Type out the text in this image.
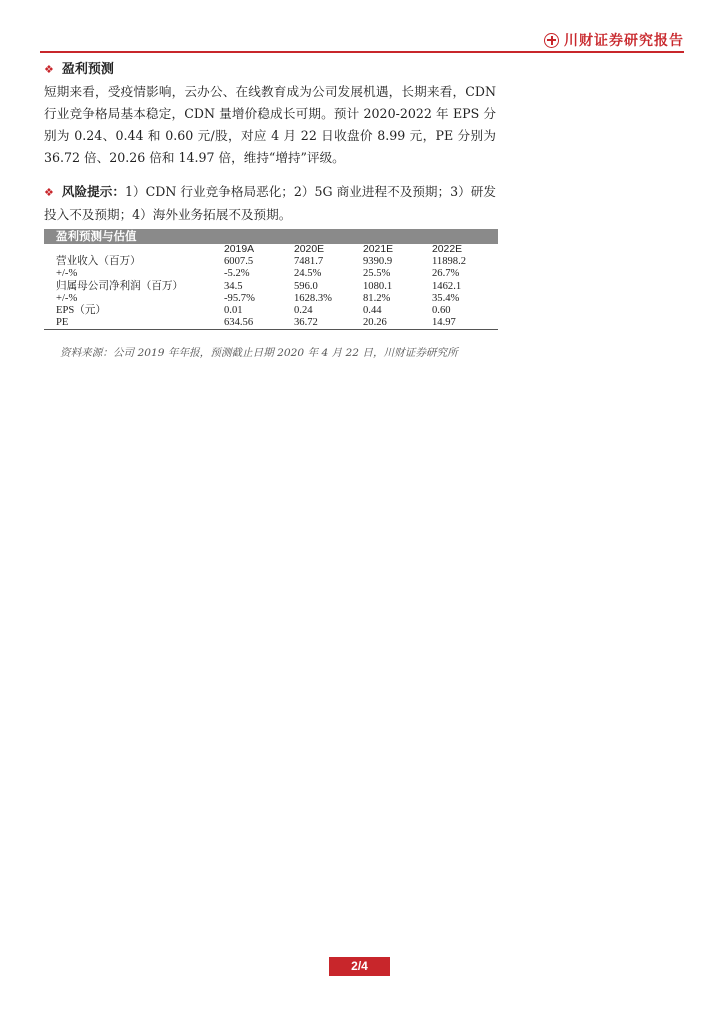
川财证券研究报告
❖ 盈利预测

短期来看，受疫情影响，云办公、在线教育成为公司发展机遇，长期来看，CDN 行业竞争格局基本稳定，CDN 量增价稳成长可期。预计 2020-2022 年 EPS 分别为 0.24、0.44 和 0.60 元/股，对应 4 月 22 日收盘价 8.99 元，PE 分别为 36.72 倍、20.26 倍和 14.97 倍，维持“增持”评级。

❖ 风险提示：1）CDN 行业竞争格局恶化；2）5G 商业进程不及预期；3）研发投入不及预期；4）海外业务拓展不及预期。

盈利预测与估值
	2019A	2020E	2021E	2022E
营业收入（百万）	6007.5	7481.7	9390.9	11898.2
+/-%	-5.2%	24.5%	25.5%	26.7%
归属母公司净利润（百万）	34.5	596.0	1080.1	1462.1
+/-%	-95.7%	1628.3%	81.2%	35.4%
EPS（元）	0.01	0.24	0.44	0.60
PE	634.56	36.72	20.26	14.97
资料来源：公司 2019 年年报，预测截止日期 2020 年 4 月 22 日，川财证券研究所
2/4
